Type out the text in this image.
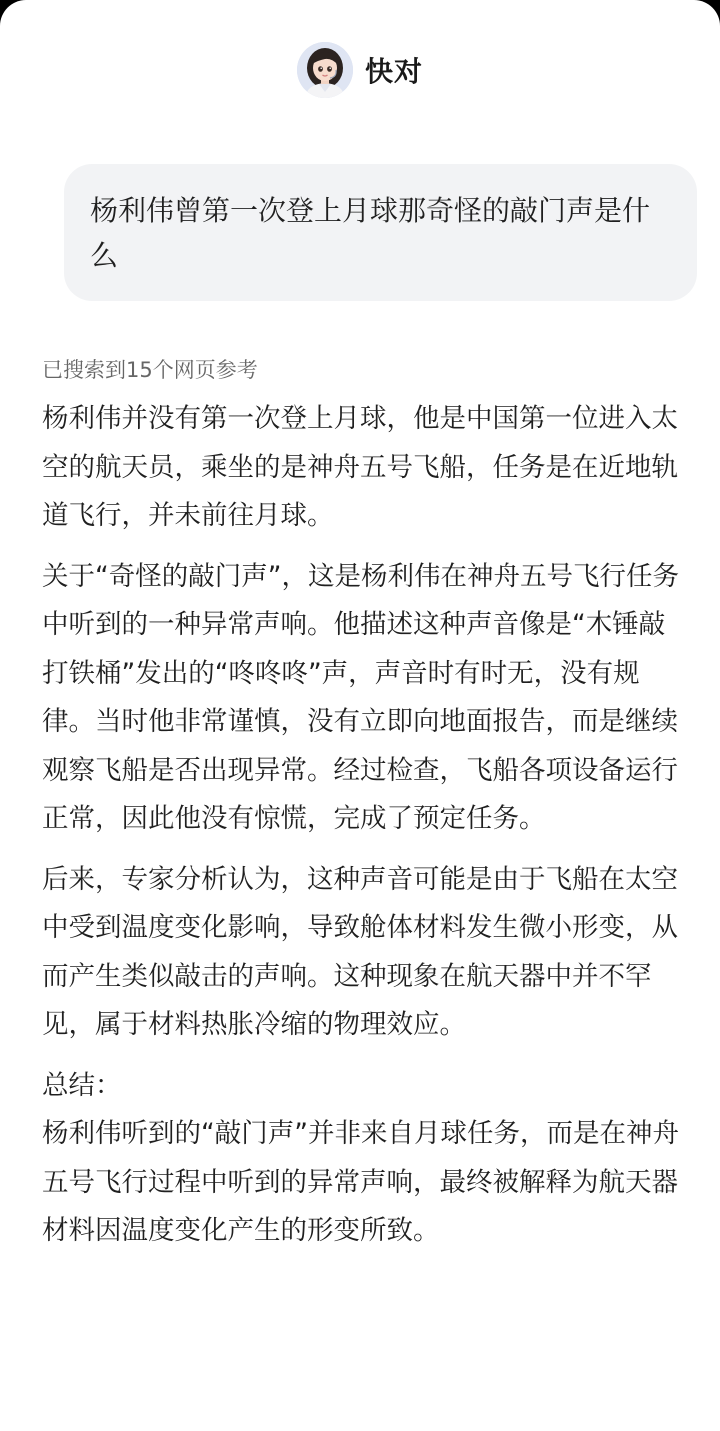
快对
杨利伟曾第一次登上月球那奇怪的敲门声是什么
已搜索到15个网页参考
杨利伟并没有第一次登上月球，他是中国第一位进入太空的航天员，乘坐的是神舟五号飞船，任务是在近地轨道飞行，并未前往月球。
关于“奇怪的敲门声”，这是杨利伟在神舟五号飞行任务中听到的一种异常声响。他描述这种声音像是“木锤敲打铁桶”发出的“咚咚咚”声，声音时有时无，没有规律。当时他非常谨慎，没有立即向地面报告，而是继续观察飞船是否出现异常。经过检查，飞船各项设备运行正常，因此他没有惊慌，完成了预定任务。
后来，专家分析认为，这种声音可能是由于飞船在太空中受到温度变化影响，导致舱体材料发生微小形变，从而产生类似敲击的声响。这种现象在航天器中并不罕见，属于材料热胀冷缩的物理效应。
总结：
杨利伟听到的“敲门声”并非来自月球任务，而是在神舟五号飞行过程中听到的异常声响，最终被解释为航天器材料因温度变化产生的形变所致。
